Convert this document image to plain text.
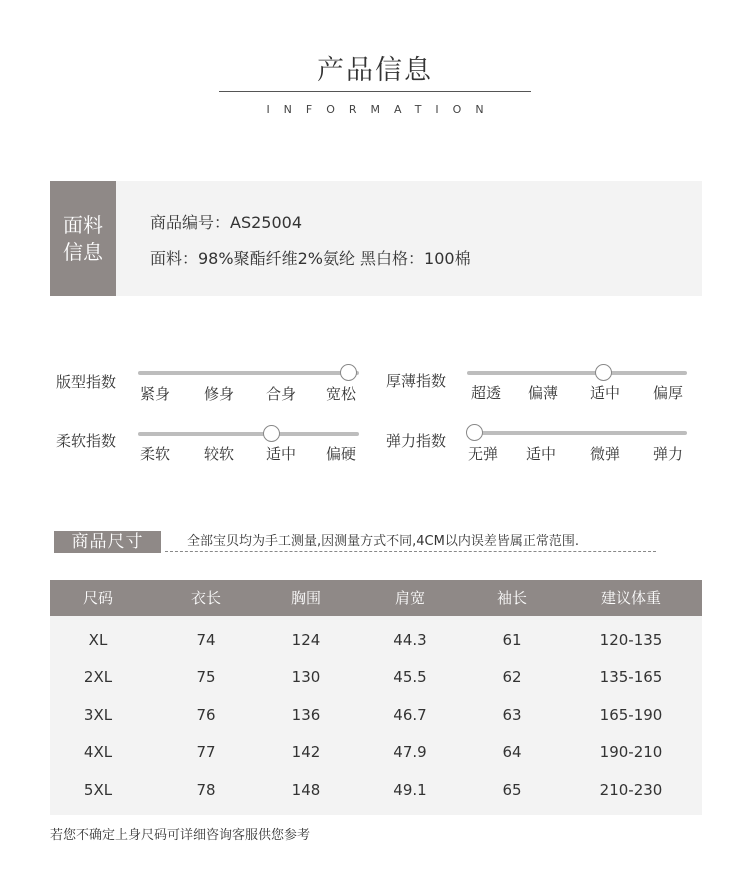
产品信息
INFORMATION
面料
信息
商品编号：AS25004
面料：98%聚酯纤维2%氨纶 黑白格：100棉
版型指数
紧身 修身 合身 宽松
厚薄指数
超透 偏薄 适中 偏厚
柔软指数
柔软 较软 适中 偏硬
弹力指数
无弹 适中 微弹 弹力
商品尺寸	全部宝贝均为手工测量,因测量方式不同,4CM以内误差皆属正常范围.
尺码	衣长	胸围	肩宽	袖长	建议体重
XL	74	124	44.3	61	120-135
2XL	75	130	45.5	62	135-165
3XL	76	136	46.7	63	165-190
4XL	77	142	47.9	64	190-210
5XL	78	148	49.1	65	210-230
若您不确定上身尺码可详细咨询客服供您参考
